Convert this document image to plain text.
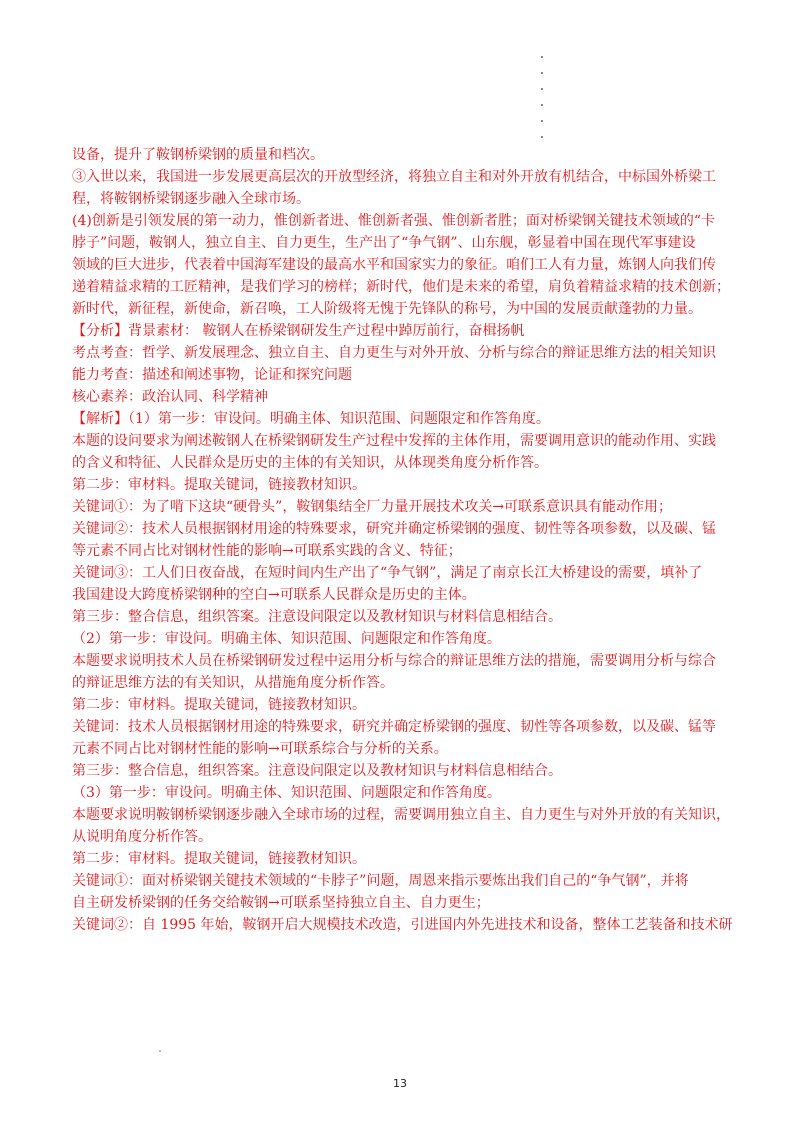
设备，提升了鞍钢桥梁钢的质量和档次。
③入世以来，我国进一步发展更高层次的开放型经济，将独立自主和对外开放有机结合，中标国外桥梁工
程，将鞍钢桥梁钢逐步融入全球市场。
(4)创新是引领发展的第一动力，惟创新者进、惟创新者强、惟创新者胜；面对桥梁钢关键技术领域的“卡
脖子”问题，鞍钢人，独立自主、自力更生，生产出了“争气钢”、山东舰，彰显着中国在现代军事建设
领域的巨大进步，代表着中国海军建设的最高水平和国家实力的象征。咱们工人有力量，炼钢人向我们传
递着精益求精的工匠精神，是我们学习的榜样；新时代，他们是未来的希望，肩负着精益求精的技术创新；
新时代，新征程，新使命，新召唤，工人阶级将无愧于先锋队的称号，为中国的发展贡献蓬勃的力量。
【分析】背景素材： 鞍钢人在桥梁钢研发生产过程中踔厉前行，奋楫扬帆
考点考查：哲学、新发展理念、独立自主、自力更生与对外开放、分析与综合的辩证思维方法的相关知识
能力考查：描述和阐述事物，论证和探究问题
核心素养：政治认同、科学精神
【解析】（1）第一步：审设问。明确主体、知识范围、问题限定和作答角度。
本题的设问要求为阐述鞍钢人在桥梁钢研发生产过程中发挥的主体作用，需要调用意识的能动作用、实践
的含义和特征、人民群众是历史的主体的有关知识，从体现类角度分析作答。
第二步：审材料。提取关键词，链接教材知识。
关键词①：为了啃下这块“硬骨头”，鞍钢集结全厂力量开展技术攻关→可联系意识具有能动作用；
关键词②：技术人员根据钢材用途的特殊要求，研究并确定桥梁钢的强度、韧性等各项参数，以及碳、锰
等元素不同占比对钢材性能的影响→可联系实践的含义、特征；
关键词③：工人们日夜奋战，在短时间内生产出了“争气钢”，满足了南京长江大桥建设的需要，填补了
我国建设大跨度桥梁钢种的空白→可联系人民群众是历史的主体。
第三步：整合信息，组织答案。注意设问限定以及教材知识与材料信息相结合。
（2）第一步：审设问。明确主体、知识范围、问题限定和作答角度。
本题要求说明技术人员在桥梁钢研发过程中运用分析与综合的辩证思维方法的措施，需要调用分析与综合
的辩证思维方法的有关知识，从措施角度分析作答。
第二步：审材料。提取关键词，链接教材知识。
关键词：技术人员根据钢材用途的特殊要求，研究并确定桥梁钢的强度、韧性等各项参数，以及碳、锰等
元素不同占比对钢材性能的影响→可联系综合与分析的关系。
第三步：整合信息，组织答案。注意设问限定以及教材知识与材料信息相结合。
（3）第一步：审设问。明确主体、知识范围、问题限定和作答角度。
本题要求说明鞍钢桥梁钢逐步融入全球市场的过程，需要调用独立自主、自力更生与对外开放的有关知识，
从说明角度分析作答。
第二步：审材料。提取关键词，链接教材知识。
关键词①：面对桥梁钢关键技术领域的“卡脖子”问题，周恩来指示要炼出我们自己的“争气钢”，并将
自主研发桥梁钢的任务交给鞍钢→可联系坚持独立自主、自力更生；
关键词②：自 1995 年始，鞍钢开启大规模技术改造，引进国内外先进技术和设备，整体工艺装备和技术研
13
